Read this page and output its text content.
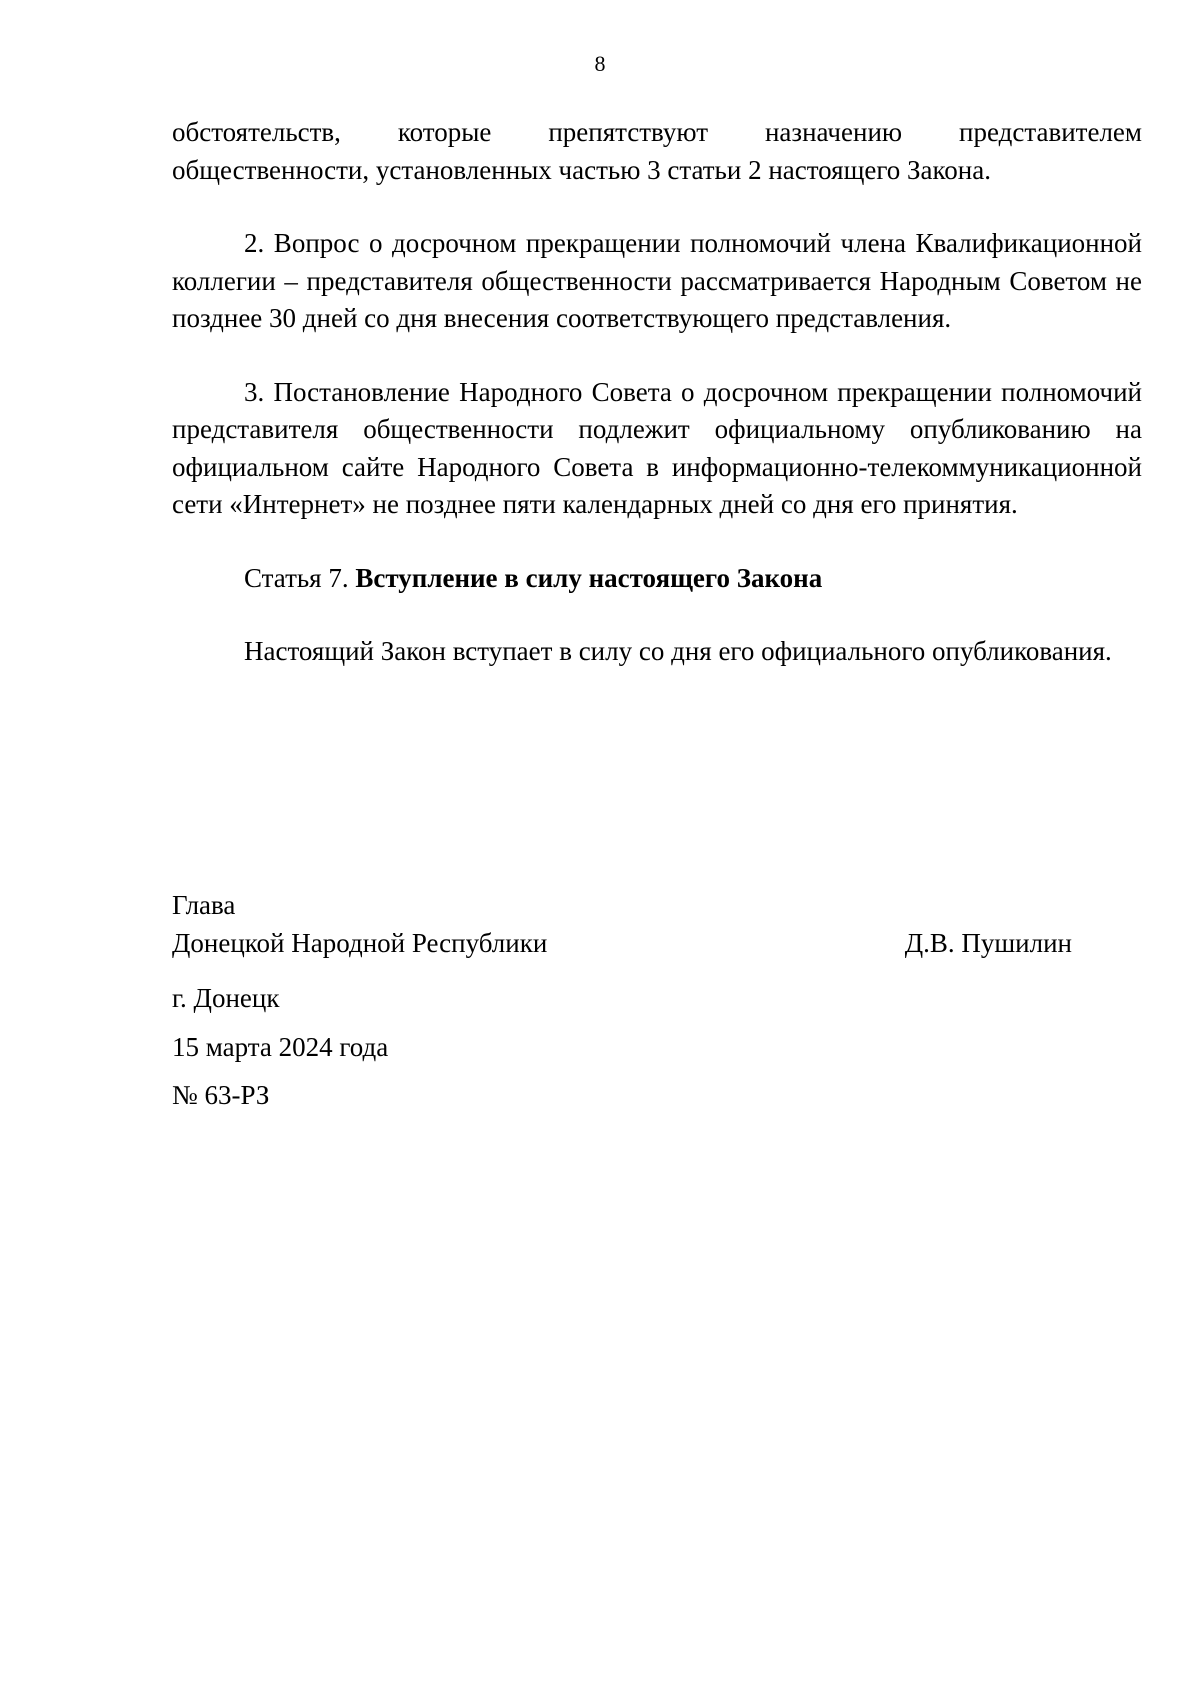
8

обстоятельств, которые препятствуют назначению представителем общественности, установленных частью 3 статьи 2 настоящего Закона.

2. Вопрос о досрочном прекращении полномочий члена Квалификационной коллегии – представителя общественности рассматривается Народным Советом не позднее 30 дней со дня внесения соответствующего представления.

3. Постановление Народного Совета о досрочном прекращении полномочий представителя общественности подлежит официальному опубликованию на официальном сайте Народного Совета в информационно-телекоммуникационной сети «Интернет» не позднее пяти календарных дней со дня его принятия.

Статья 7. Вступление в силу настоящего Закона

Настоящий Закон вступает в силу со дня его официального опубликования.

Глава
Донецкой Народной Республики	Д.В. Пушилин
г. Донецк
15 марта 2024 года
№ 63-РЗ
